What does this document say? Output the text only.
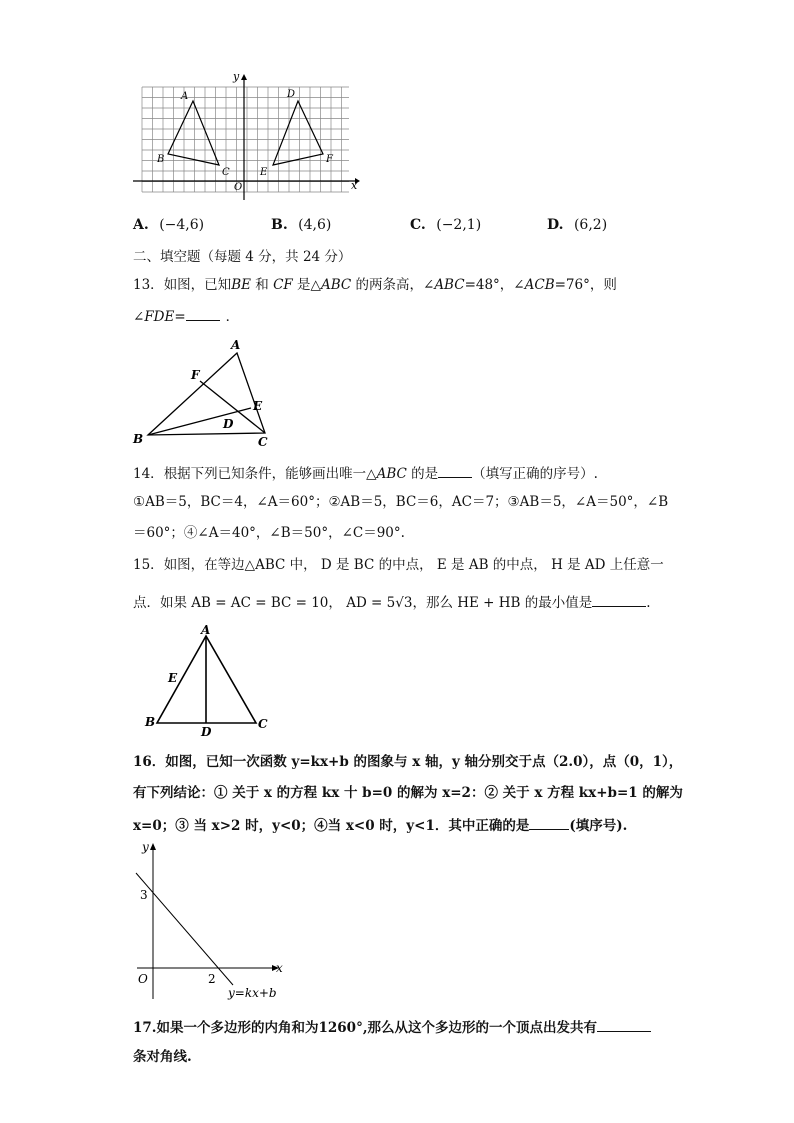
y
x
O
A
B
C
D
E
F
A. (−4,6)	B. (4,6)	C. (−2,1)	D. (6,2)
二、填空题（每题 4 分，共 24 分）
13．如图，已知BE 和 CF 是△ABC 的两条高，∠ABC=48°，∠ACB=76°，则
∠FDE=	．
A
F
E
D
B	C
14．根据下列已知条件，能够画出唯一△ABC 的是	（填写正确的序号）.
①AB＝5，BC＝4，∠A＝60°；②AB＝5，BC＝6，AC＝7；③AB＝5，∠A＝50°，∠B
＝60°；④∠A＝40°，∠B＝50°，∠C＝90°.
15．如图，在等边△ABC 中， D 是 BC 的中点， E 是 AB 的中点， H 是 AD 上任意一
点．如果 AB = AC = BC = 10， AD = 5√3，那么 HE + HB 的最小值是	.
A
E
B
D
C
16．如图，已知一次函数 y=kx+b 的图象与 x 轴，y 轴分别交于点（2.0），点（0，1），
有下列结论：① 关于 x 的方程 kx 十 b=0 的解为 x=2：② 关于 x 方程 kx+b=1 的解为
x=0；③ 当 x>2 时，y<0；④当 x<0 时，y<1．其中正确的是	(填序号).
y
x
O
3
2
y=kx+b
17.如果一个多边形的内角和为1260°,那么从这个多边形的一个顶点出发共有
条对角线.
